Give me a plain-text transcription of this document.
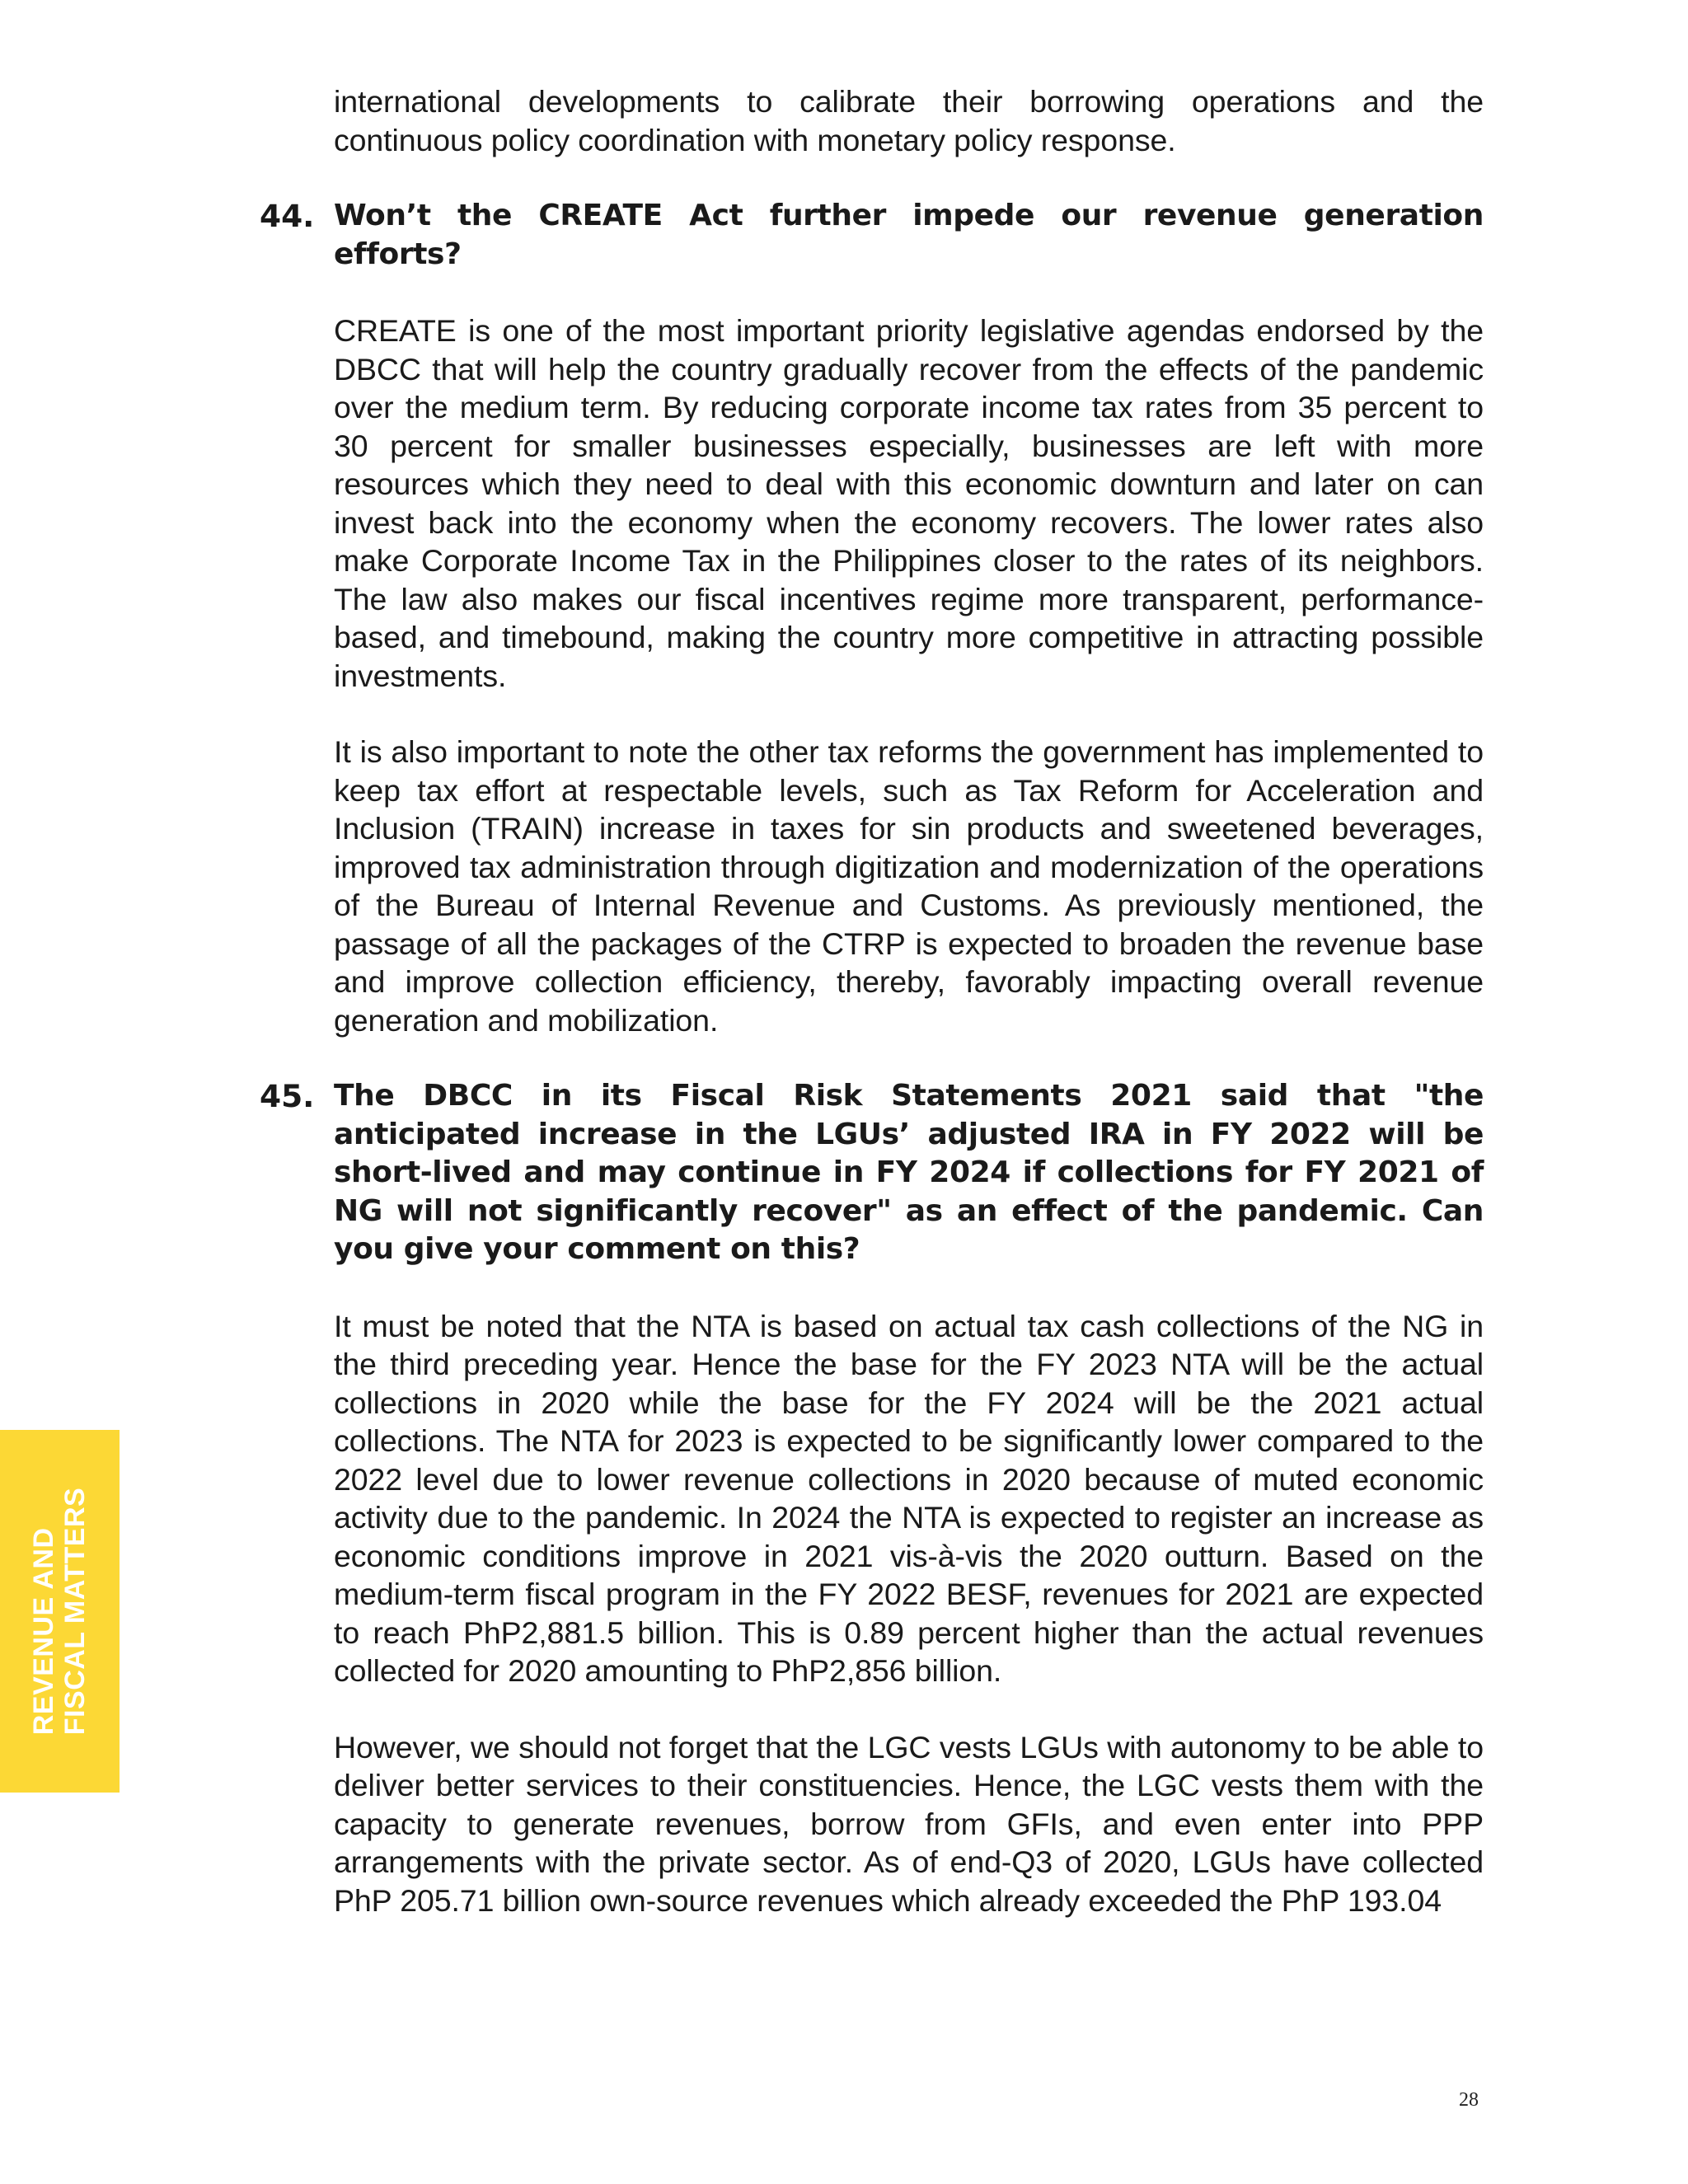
international developments to calibrate their borrowing operations and the continuous policy coordination with monetary policy response.

44. Won’t the CREATE Act further impede our revenue generation efforts?

CREATE is one of the most important priority legislative agendas endorsed by the DBCC that will help the country gradually recover from the effects of the pandemic over the medium term. By reducing corporate income tax rates from 35 percent to 30 percent for smaller businesses especially, businesses are left with more resources which they need to deal with this economic downturn and later on can invest back into the economy when the economy recovers. The lower rates also make Corporate Income Tax in the Philippines closer to the rates of its neighbors. The law also makes our fiscal incentives regime more transparent, performance-based, and timebound, making the country more competitive in attracting possible investments.

It is also important to note the other tax reforms the government has implemented to keep tax effort at respectable levels, such as Tax Reform for Acceleration and Inclusion (TRAIN) increase in taxes for sin products and sweetened beverages, improved tax administration through digitization and modernization of the operations of the Bureau of Internal Revenue and Customs. As previously mentioned, the passage of all the packages of the CTRP is expected to broaden the revenue base and improve collection efficiency, thereby, favorably impacting overall revenue generation and mobilization.

45. The DBCC in its Fiscal Risk Statements 2021 said that "the anticipated increase in the LGUs’ adjusted IRA in FY 2022 will be short-lived and may continue in FY 2024 if collections for FY 2021 of NG will not significantly recover" as an effect of the pandemic. Can you give your comment on this?

It must be noted that the NTA is based on actual tax cash collections of the NG in the third preceding year. Hence the base for the FY 2023 NTA will be the actual collections in 2020 while the base for the FY 2024 will be the 2021 actual collections. The NTA for 2023 is expected to be significantly lower compared to the 2022 level due to lower revenue collections in 2020 because of muted economic activity due to the pandemic. In 2024 the NTA is expected to register an increase as economic conditions improve in 2021 vis-à-vis the 2020 outturn. Based on the medium-term fiscal program in the FY 2022 BESF, revenues for 2021 are expected to reach PhP2,881.5 billion. This is 0.89 percent higher than the actual revenues collected for 2020 amounting to PhP2,856 billion.

However, we should not forget that the LGC vests LGUs with autonomy to be able to deliver better services to their constituencies. Hence, the LGC vests them with the capacity to generate revenues, borrow from GFIs, and even enter into PPP arrangements with the private sector. As of end-Q3 of 2020, LGUs have collected PhP 205.71 billion own-source revenues which already exceeded the PhP 193.04

REVENUE AND FISCAL MATTERS
28
